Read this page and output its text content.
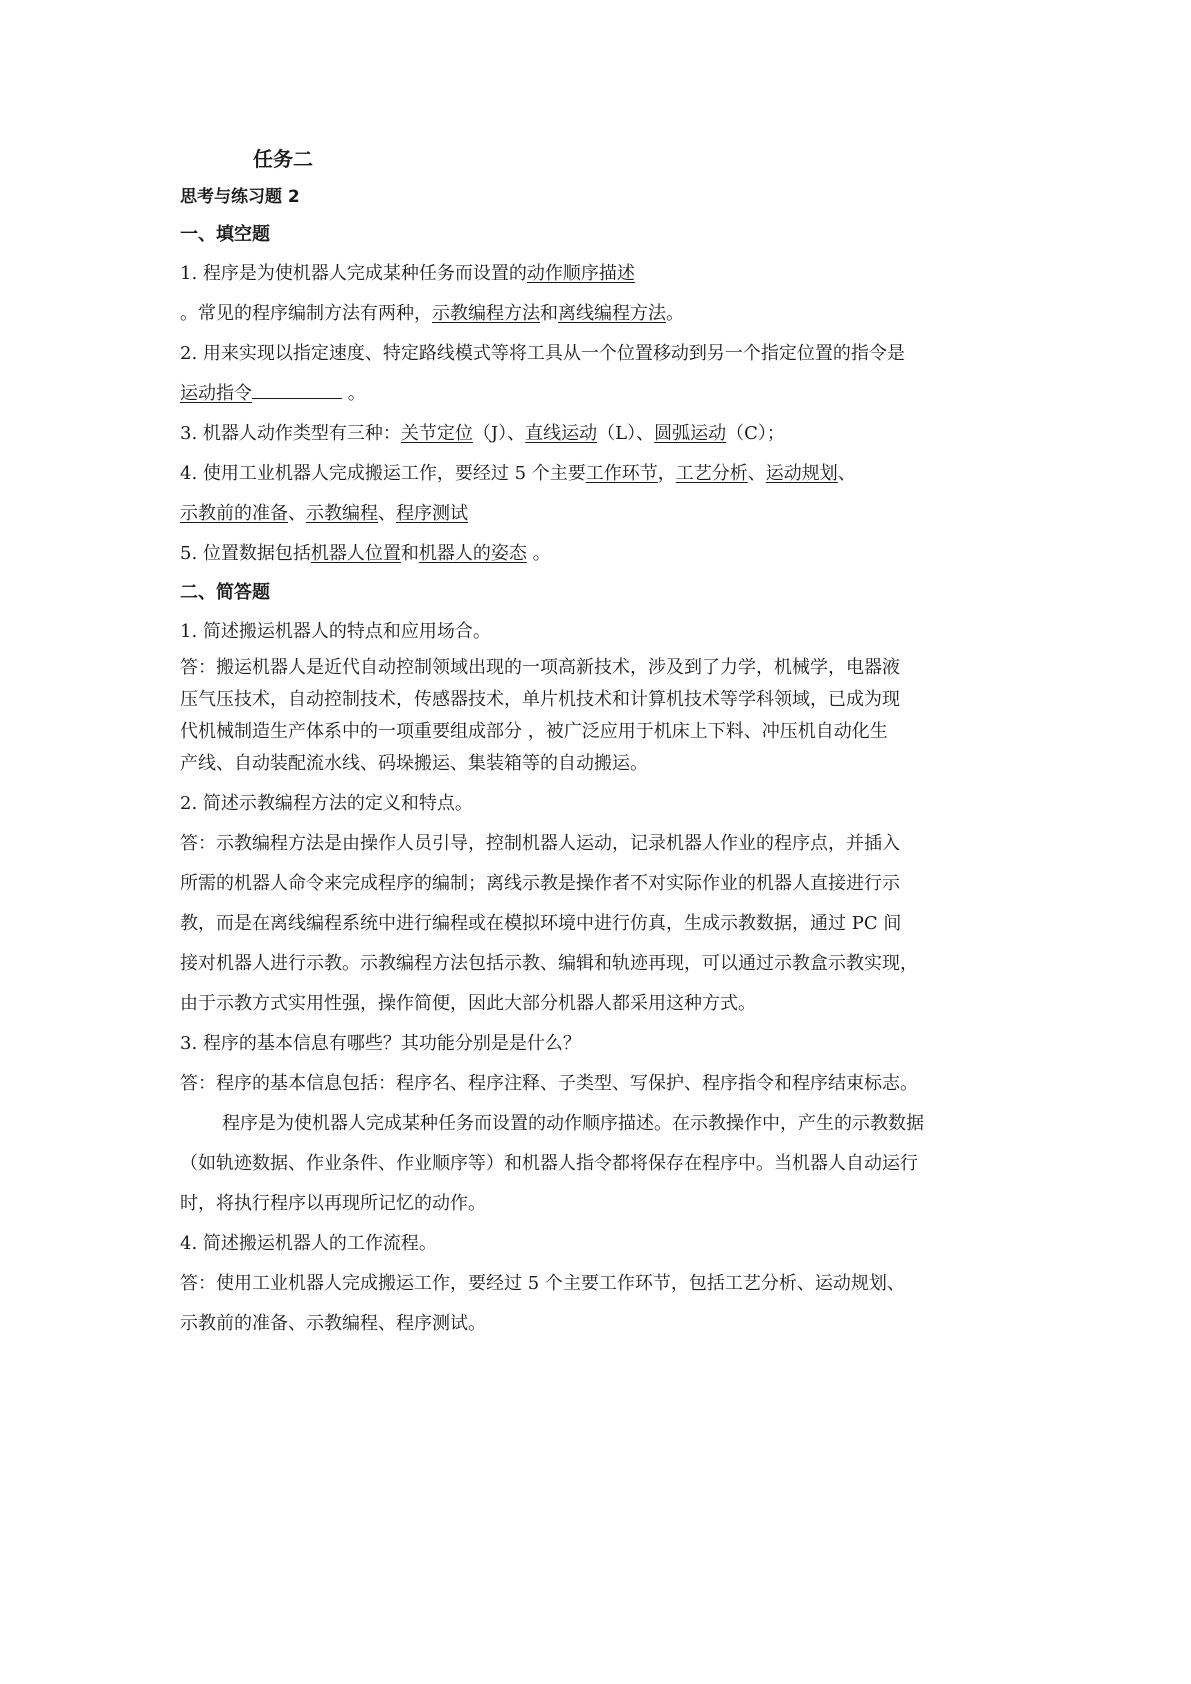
任务二
思考与练习题 2
一、填空题
1. 程序是为使机器人完成某种任务而设置的动作顺序描述
。常见的程序编制方法有两种，示教编程方法和离线编程方法。
2. 用来实现以指定速度、特定路线模式等将工具从一个位置移动到另一个指定位置的指令是
运动指令	。
3. 机器人动作类型有三种：关节定位（J）、直线运动（L）、圆弧运动（C）；
4. 使用工业机器人完成搬运工作，要经过 5 个主要工作环节，工艺分析、运动规划、
示教前的准备、示教编程、程序测试
5. 位置数据包括机器人位置和机器人的姿态 。
二、简答题
1. 简述搬运机器人的特点和应用场合。
答：搬运机器人是近代自动控制领域出现的一项高新技术，涉及到了力学，机械学，电器液
压气压技术，自动控制技术，传感器技术，单片机技术和计算机技术等学科领域，已成为现
代机械制造生产体系中的一项重要组成部分 ，被广泛应用于机床上下料、冲压机自动化生
产线、自动装配流水线、码垛搬运、集装箱等的自动搬运。
2. 简述示教编程方法的定义和特点。
答：示教编程方法是由操作人员引导，控制机器人运动，记录机器人作业的程序点，并插入
所需的机器人命令来完成程序的编制；离线示教是操作者不对实际作业的机器人直接进行示
教，而是在离线编程系统中进行编程或在模拟环境中进行仿真，生成示教数据，通过 PC 间
接对机器人进行示教。示教编程方法包括示教、编辑和轨迹再现，可以通过示教盒示教实现，
由于示教方式实用性强，操作简便，因此大部分机器人都采用这种方式。
3. 程序的基本信息有哪些？其功能分别是是什么？
答：程序的基本信息包括：程序名、程序注释、子类型、写保护、程序指令和程序结束标志。
程序是为使机器人完成某种任务而设置的动作顺序描述。在示教操作中，产生的示教数据
（如轨迹数据、作业条件、作业顺序等）和机器人指令都将保存在程序中。当机器人自动运行
时，将执行程序以再现所记忆的动作。
4. 简述搬运机器人的工作流程。
答：使用工业机器人完成搬运工作，要经过 5 个主要工作环节，包括工艺分析、运动规划、
示教前的准备、示教编程、程序测试。
